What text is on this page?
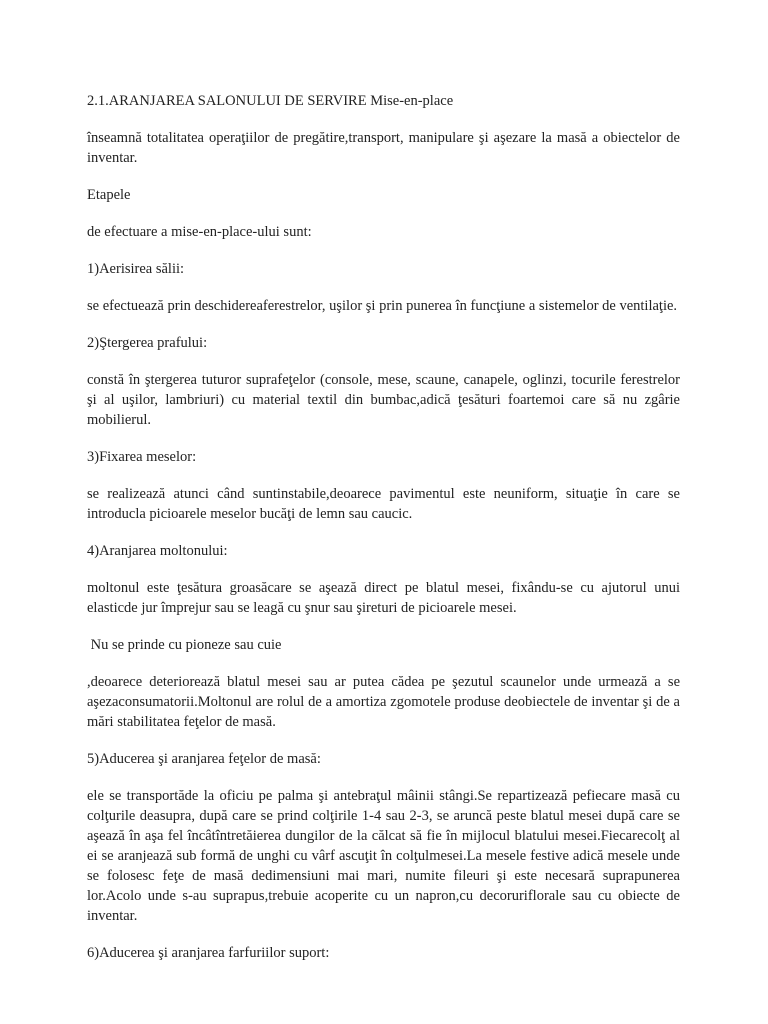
2.1.ARANJAREA SALONULUI DE SERVIRE Mise-en-place

înseamnă totalitatea operaţiilor de pregătire,transport, manipulare şi aşezare la masă a obiectelor de inventar.

Etapele

de efectuare a mise-en-place-ului sunt:

1)Aerisirea sălii:

se efectuează prin deschidereaferestrelor, uşilor şi prin punerea în funcţiune a sistemelor de ventilaţie.

2)Ştergerea prafului:

constă în ştergerea tuturor suprafeţelor (console, mese, scaune, canapele, oglinzi, tocurile ferestrelor şi al uşilor, lambriuri) cu material textil din bumbac,adică ţesături foartemoi care să nu zgârie mobilierul.

3)Fixarea meselor:

se realizează atunci când suntinstabile,deoarece pavimentul este neuniform, situaţie în care se introducla picioarele meselor bucăţi de lemn sau caucic.

4)Aranjarea moltonului:

moltonul este ţesătura groasăcare se aşează direct pe blatul mesei, fixându-se cu ajutorul unui elasticde jur împrejur sau se leagă cu şnur sau şireturi de picioarele mesei.

Nu se prinde cu pioneze sau cuie

,deoarece deteriorează blatul mesei sau ar putea cădea pe şezutul scaunelor unde urmează a se aşezaconsumatorii.Moltonul are rolul de a amortiza zgomotele produse deobiectele de inventar şi de a mări stabilitatea feţelor de masă.

5)Aducerea şi aranjarea feţelor de masă:

ele se transportăde la oficiu pe palma şi antebraţul mâinii stângi.Se repartizează pefiecare masă cu colţurile deasupra, după care se prind colţirile 1-4 sau 2-3, se aruncă peste blatul mesei după care se aşează în aşa fel încâtîntretăierea dungilor de la călcat să fie în mijlocul blatului mesei.Fiecarecolţ al ei se aranjează sub formă de unghi cu vârf ascuţit în colţulmesei.La mesele festive adică mesele unde se folosesc feţe de masă dedimensiuni mai mari, numite fileuri şi este necesară suprapunerea lor.Acolo unde s-au suprapus,trebuie acoperite cu un napron,cu decoruriflorale sau cu obiecte de inventar.

6)Aducerea şi aranjarea farfuriilor suport:
